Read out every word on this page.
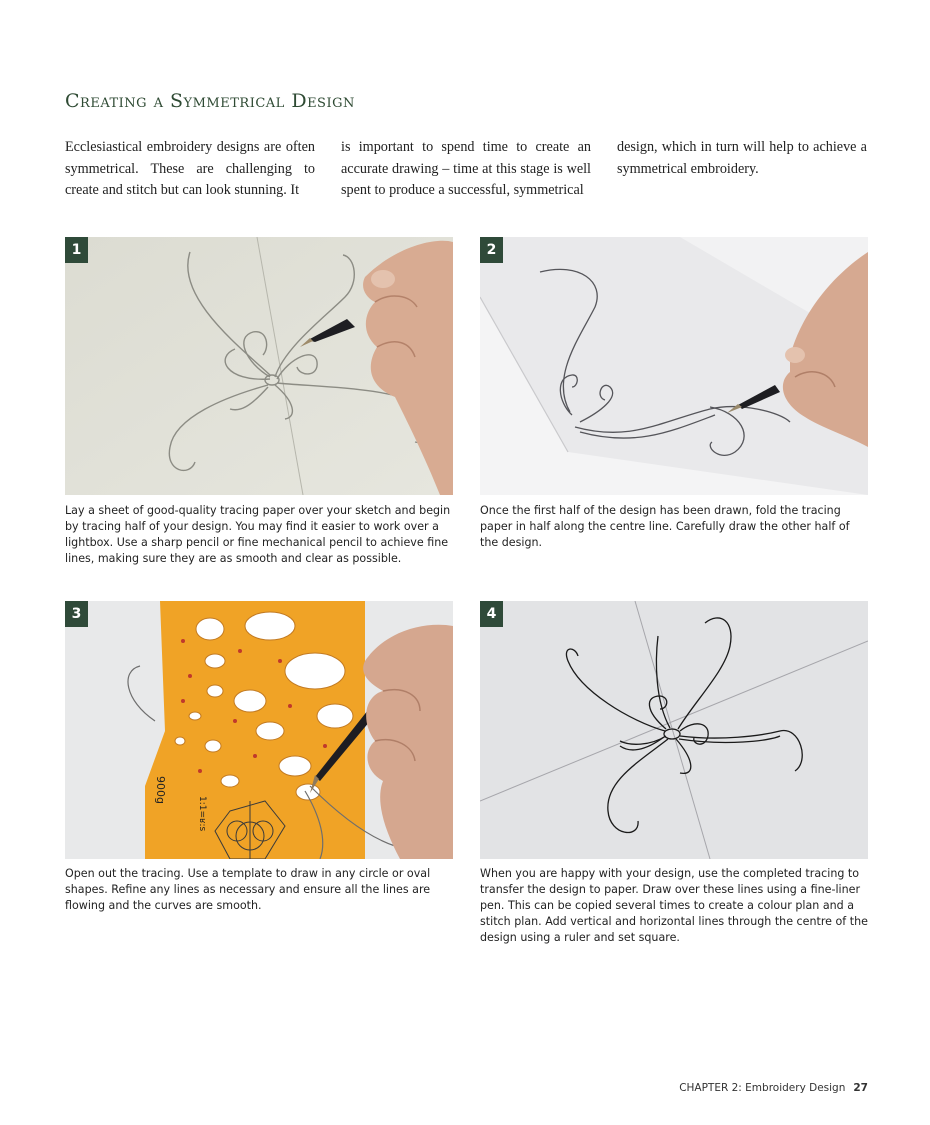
Creating a Symmetrical Design
Ecclesiastical embroidery designs are often symmetrical. These are challenging to create and stitch but can look stunning. It
is important to spend time to create an accurate drawing – time at this stage is well spent to produce a successful, symmetrical
design, which in turn will help to achieve a symmetrical embroidery.
1
Lay a sheet of good-quality tracing paper over your sketch and begin by tracing half of your design. You may find it easier to work over a lightbox. Use a sharp pencil or fine mechanical pencil to achieve fine lines, making sure they are as smooth and clear as possible.
2
Once the first half of the design has been drawn, fold the tracing paper in half along the centre line. Carefully draw the other half of the design.
900g
1:1=ʁ:s
3
Open out the tracing. Use a template to draw in any circle or oval shapes. Refine any lines as necessary and ensure all the lines are flowing and the curves are smooth.
4
When you are happy with your design, use the completed tracing to transfer the design to paper. Draw over these lines using a fine-liner pen. This can be copied several times to create a colour plan and a stitch plan. Add vertical and horizontal lines through the centre of the design using a ruler and set square.
CHAPTER 2: Embroidery Design 27
